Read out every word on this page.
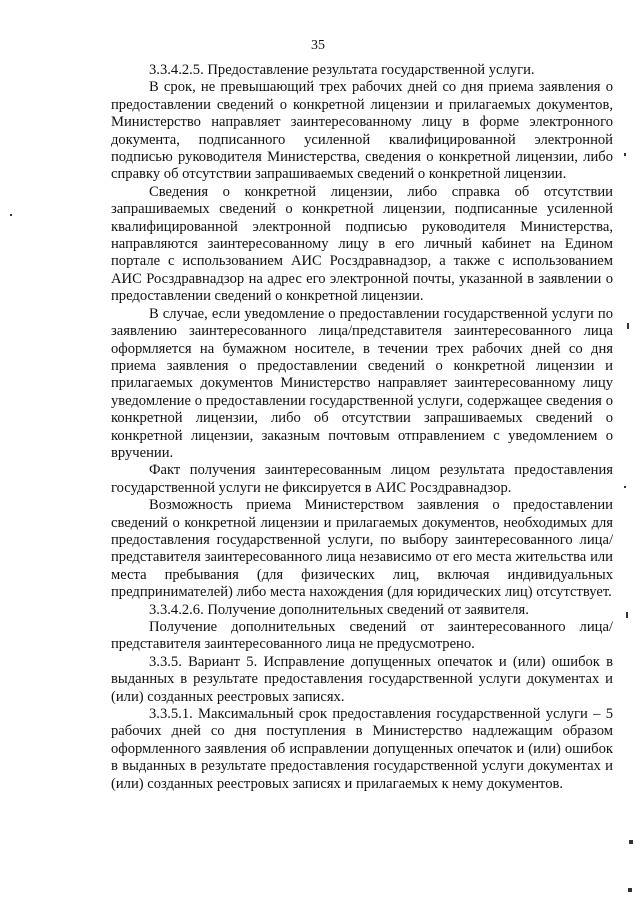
35

3.3.4.2.5. Предоставление результата государственной услуги.

В срок, не превышающий трех рабочих дней со дня приема заявления о предоставлении сведений о конкретной лицензии и прилагаемых документов, Министерство направляет заинтересованному лицу в форме электронного документа, подписанного усиленной квалифицированной электронной подписью руководителя Министерства, сведения о конкретной лицензии, либо справку об отсутствии запрашиваемых сведений о конкретной лицензии.

Сведения о конкретной лицензии, либо справка об отсутствии запрашиваемых сведений о конкретной лицензии, подписанные усиленной квалифицированной электронной подписью руководителя Министерства, направляются заинтересованному лицу в его личный кабинет на Едином портале с использованием АИС Росздравнадзор, а также с использованием АИС Росздравнадзор на адрес его электронной почты, указанной в заявлении о предоставлении сведений о конкретной лицензии.

В случае, если уведомление о предоставлении государственной услуги по заявлению заинтересованного лица/представителя заинтересованного лица оформляется на бумажном носителе, в течении трех рабочих дней со дня приема заявления о предоставлении сведений о конкретной лицензии и прилагаемых документов Министерство направляет заинтересованному лицу уведомление о предоставлении государственной услуги, содержащее сведения о конкретной лицензии, либо об отсутствии запрашиваемых сведений о конкретной лицензии, заказным почтовым отправлением с уведомлением о вручении.

Факт получения заинтересованным лицом результата предоставления государственной услуги не фиксируется в АИС Росздравнадзор.

Возможность приема Министерством заявления о предоставлении сведений о конкретной лицензии и прилагаемых документов, необходимых для предоставления государственной услуги, по выбору заинтересованного лица/представителя заинтересованного лица независимо от его места жительства или места пребывания (для физических лиц, включая индивидуальных предпринимателей) либо места нахождения (для юридических лиц) отсутствует.

3.3.4.2.6. Получение дополнительных сведений от заявителя.

Получение дополнительных сведений от заинтересованного лица/представителя заинтересованного лица не предусмотрено.

3.3.5. Вариант 5. Исправление допущенных опечаток и (или) ошибок в выданных в результате предоставления государственной услуги документах и (или) созданных реестровых записях.

3.3.5.1. Максимальный срок предоставления государственной услуги – 5 рабочих дней со дня поступления в Министерство надлежащим образом оформленного заявления об исправлении допущенных опечаток и (или) ошибок в выданных в результате предоставления государственной услуги документах и (или) созданных реестровых записях и прилагаемых к нему документов.
